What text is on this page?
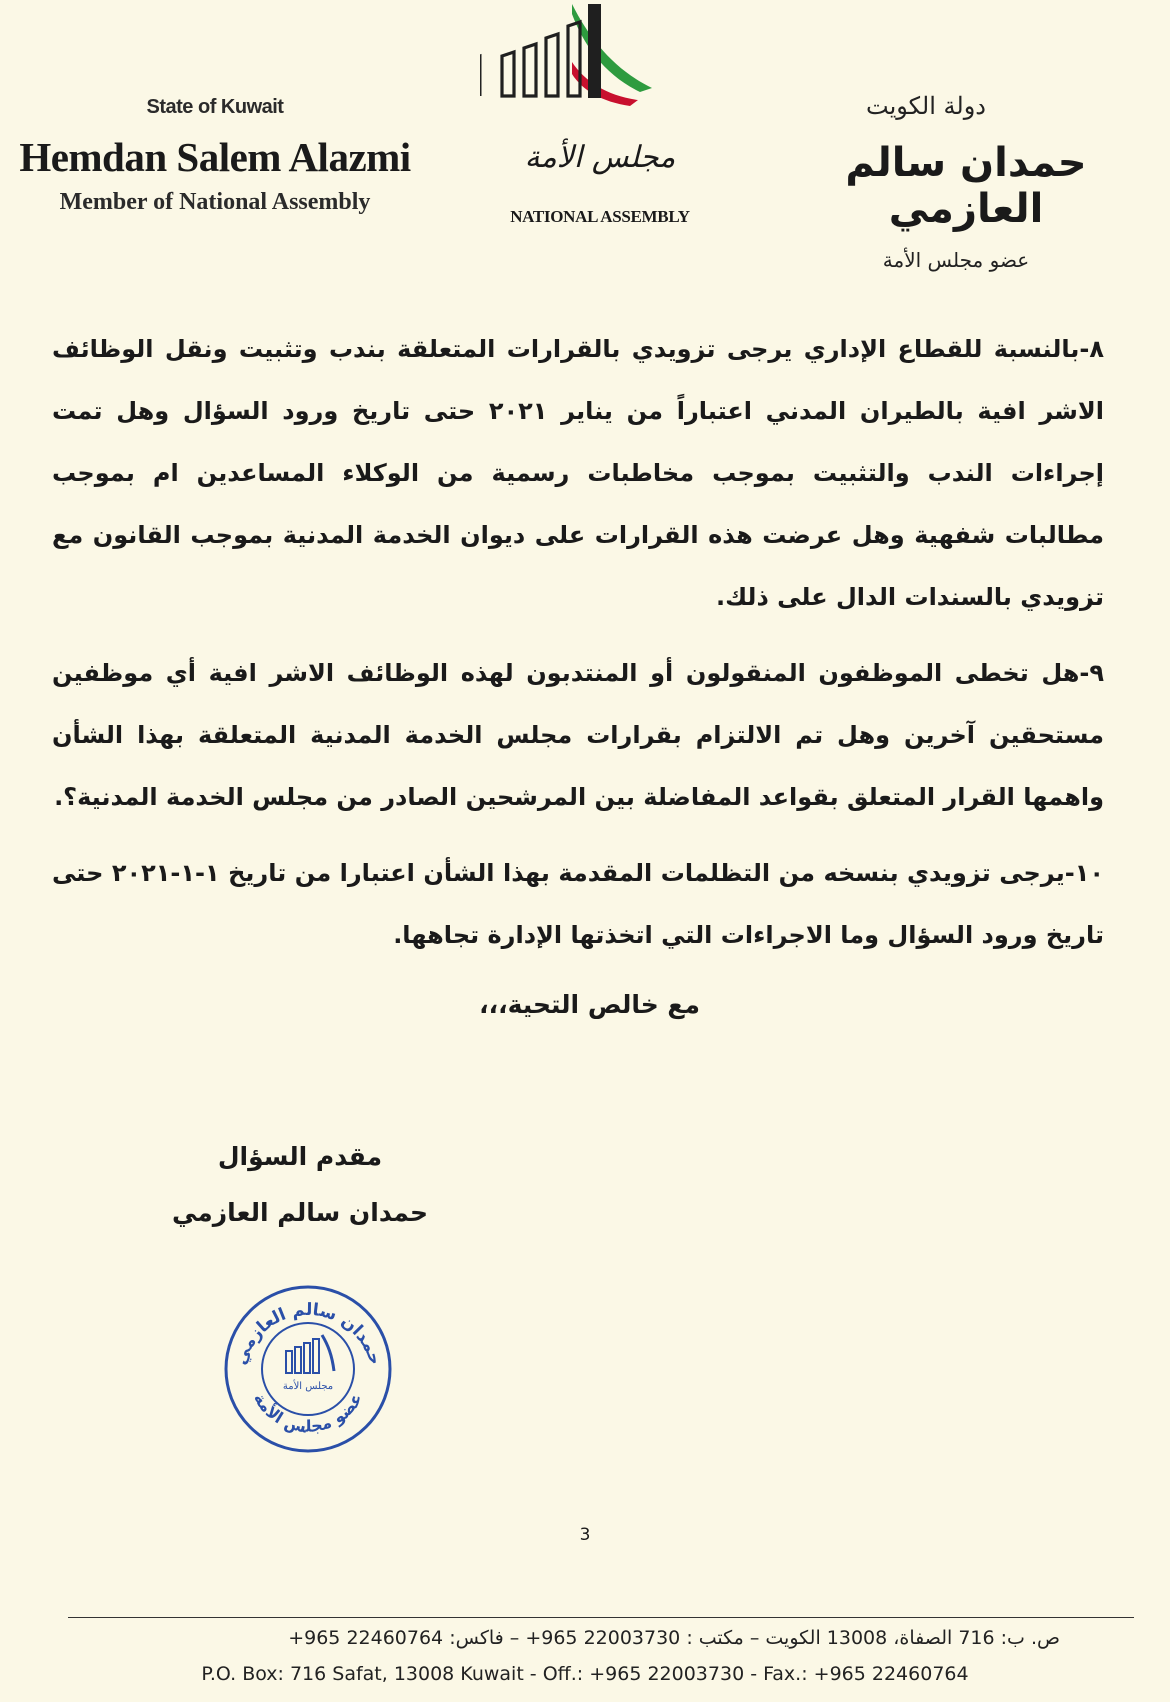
State of Kuwait
Hemdan Salem Alazmi
Member of National Assembly
مجلس الأمة
NATIONAL ASSEMBLY
دولة الكويت
حمدان سالم العازمي
عضو مجلس الأمة

٨-بالنسبة للقطاع الإداري يرجى تزويدي بالقرارات المتعلقة بندب وتثبيت ونقل الوظائف الاشر افية بالطيران المدني اعتباراً من يناير ٢٠٢١ حتى تاريخ ورود السؤال وهل تمت إجراءات الندب والتثبيت بموجب مخاطبات رسمية من الوكلاء المساعدين ام بموجب مطالبات شفهية وهل عرضت هذه القرارات على ديوان الخدمة المدنية بموجب القانون مع تزويدي بالسندات الدال على ذلك.

٩-هل تخطى الموظفون المنقولون أو المنتدبون لهذه الوظائف الاشر افية أي موظفين مستحقين آخرين وهل تم الالتزام بقرارات مجلس الخدمة المدنية المتعلقة بهذا الشأن واهمها القرار المتعلق بقواعد المفاضلة بين المرشحين الصادر من مجلس الخدمة المدنية؟.

١٠-يرجى تزويدي بنسخه من التظلمات المقدمة بهذا الشأن اعتبارا من تاريخ ١-١-٢٠٢١ حتى تاريخ ورود السؤال وما الاجراءات التي اتخذتها الإدارة تجاهها.

مع خالص التحية،،،
مقدم السؤال
حمدان سالم العازمي
حمدان سالم العازمي
عضو مجلس الأمة
مجلس الأمة
3
ص. ب: 716 الصفاة، 13008 الكويت – مكتب : 22003730 965+ – فاكس: 22460764 965+
P.O. Box: 716 Safat, 13008 Kuwait - Off.: +965 22003730 - Fax.: +965 22460764
